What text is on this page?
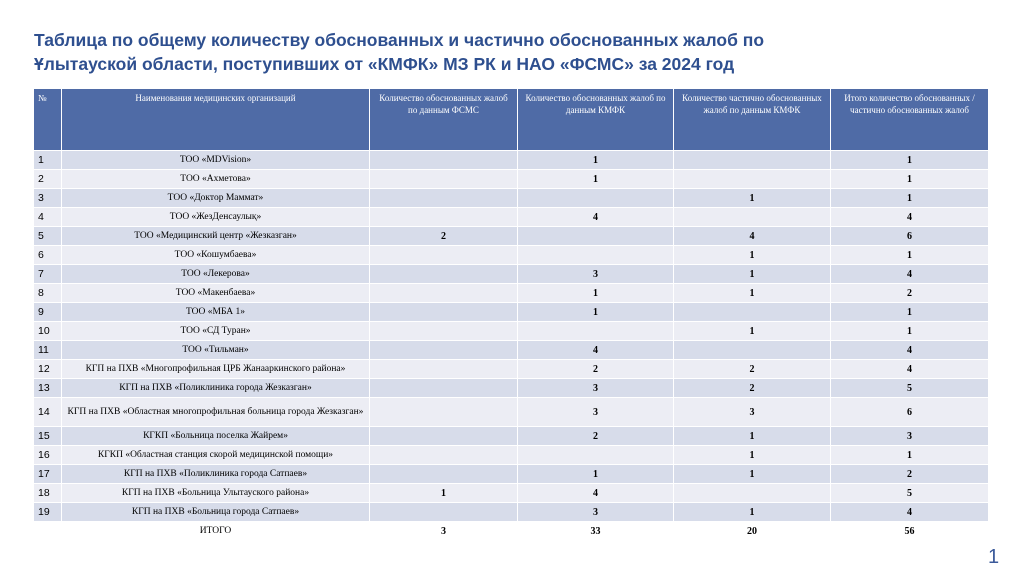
Таблица по общему количеству обоснованных и частично обоснованных жалоб по
Ұлытауской области, поступивших от «КМФК» МЗ РК и НАО «ФСМС» за 2024 год
№	Наименования медицинских организаций	Количество обоснованных жалоб по данным ФСМС	Количество обоснованных жалоб по данным КМФК	Количество частично обоснованных жалоб по данным КМФК	Итого количество обоснованных / частично обоснованных жалоб
1	ТОО «MDVision»		1		1
2	ТОО «Ахметова»		1		1
3	ТОО «Доктор Маммат»			1	1
4	ТОО «ЖезДенсаулық»		4		4
5	ТОО «Медицинский центр «Жезказган»	2		4	6
6	ТОО «Кошумбаева»			1	1
7	ТОО «Лекерова»		3	1	4
8	ТОО «Макенбаева»		1	1	2
9	ТОО «МБА 1»		1		1
10	ТОО «СД Туран»			1	1
11	ТОО «Тильман»		4		4
12	КГП на ПХВ «Многопрофильная ЦРБ Жанааркинского района»		2	2	4
13	КГП на ПХВ «Поликлиника города Жезказган»		3	2	5
14	КГП на ПХВ «Областная многопрофильная больница города Жезказган»		3	3	6
15	КГКП «Больница поселка Жайрем»		2	1	3
16	КГКП «Областная станция скорой медицинской помощи»			1	1
17	КГП на ПХВ «Поликлиника города Сатпаев»		1	1	2
18	КГП на ПХВ «Больница Улытауского района»	1	4		5
19	КГП на ПХВ «Больница города Сатпаев»		3	1	4
	ИТОГО	3	33	20	56
1
